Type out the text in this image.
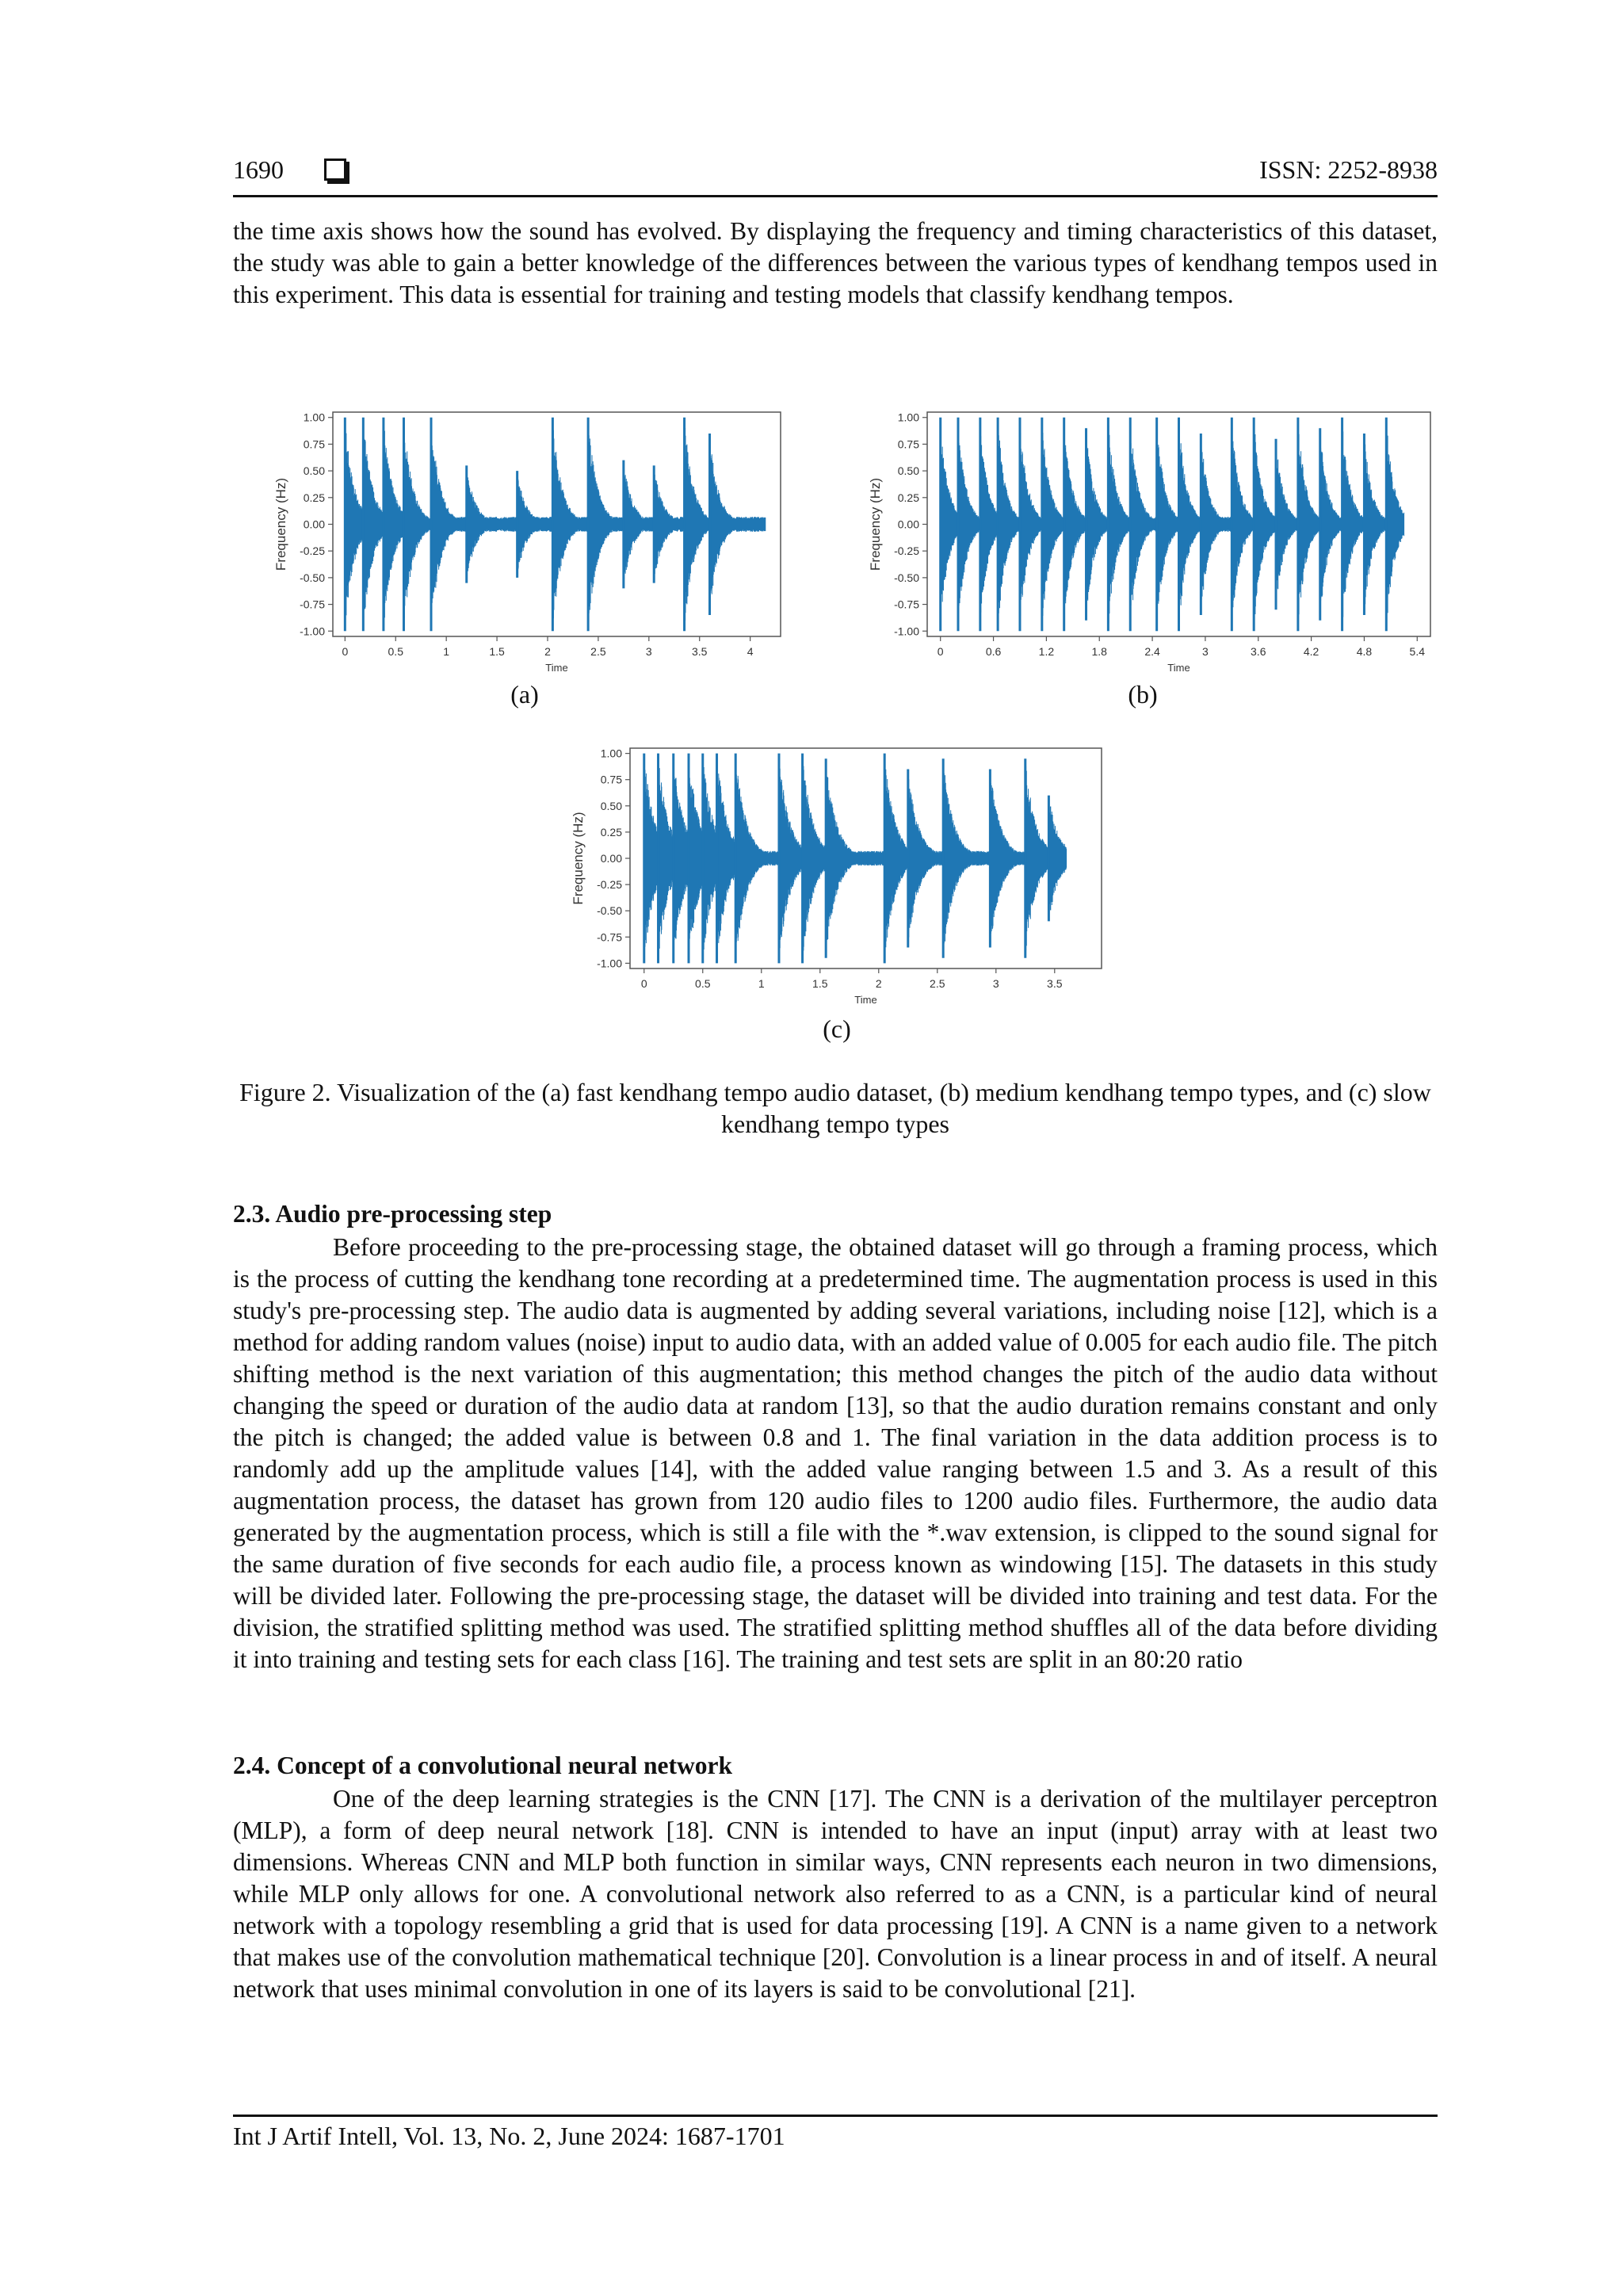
1690	ISSN: 2252-8938

the time axis shows how the sound has evolved. By displaying the frequency and timing characteristics of this dataset, the study was able to gain a better knowledge of the differences between the various types of kendhang tempos used in this experiment. This data is essential for training and testing models that classify kendhang tempos.

1.00
0.75
0.50
0.25
0.00
-0.25
-0.50
-0.75
-1.00
0	0.5	1	1.5	2	2.5	3	3.5	4
Time
Frequency (Hz)
(a)
1.00
0.75
0.50
0.25
0.00
-0.25
-0.50
-0.75
-1.00
0	0.6	1.2	1.8	2.4	3	3.6	4.2	4.8	5.4
Time
Frequency (Hz)
(b)
1.00
0.75
0.50
0.25
0.00
-0.25
-0.50
-0.75
-1.00
0	0.5	1	1.5	2	2.5	3	3.5
Time
Frequency (Hz)
(c)
Figure 2. Visualization of the (a) fast kendhang tempo audio dataset, (b) medium kendhang tempo types, and (c) slow kendhang tempo types

2.3. Audio pre-processing step

Before proceeding to the pre-processing stage, the obtained dataset will go through a framing process, which is the process of cutting the kendhang tone recording at a predetermined time. The augmentation process is used in this study's pre-processing step. The audio data is augmented by adding several variations, including noise [12], which is a method for adding random values (noise) input to audio data, with an added value of 0.005 for each audio file. The pitch shifting method is the next variation of this augmentation; this method changes the pitch of the audio data without changing the speed or duration of the audio data at random [13], so that the audio duration remains constant and only the pitch is changed; the added value is between 0.8 and 1. The final variation in the data addition process is to randomly add up the amplitude values [14], with the added value ranging between 1.5 and 3. As a result of this augmentation process, the dataset has grown from 120 audio files to 1200 audio files. Furthermore, the audio data generated by the augmentation process, which is still a file with the *.wav extension, is clipped to the sound signal for the same duration of five seconds for each audio file, a process known as windowing [15]. The datasets in this study will be divided later. Following the pre-processing stage, the dataset will be divided into training and test data. For the division, the stratified splitting method was used. The stratified splitting method shuffles all of the data before dividing it into training and testing sets for each class [16]. The training and test sets are split in an 80:20 ratio

2.4. Concept of a convolutional neural network

One of the deep learning strategies is the CNN [17]. The CNN is a derivation of the multilayer perceptron (MLP), a form of deep neural network [18]. CNN is intended to have an input (input) array with at least two dimensions. Whereas CNN and MLP both function in similar ways, CNN represents each neuron in two dimensions, while MLP only allows for one. A convolutional network also referred to as a CNN, is a particular kind of neural network with a topology resembling a grid that is used for data processing [19]. A CNN is a name given to a network that makes use of the convolution mathematical technique [20]. Convolution is a linear process in and of itself. A neural network that uses minimal convolution in one of its layers is said to be convolutional [21].

Int J Artif Intell, Vol. 13, No. 2, June 2024: 1687-1701
